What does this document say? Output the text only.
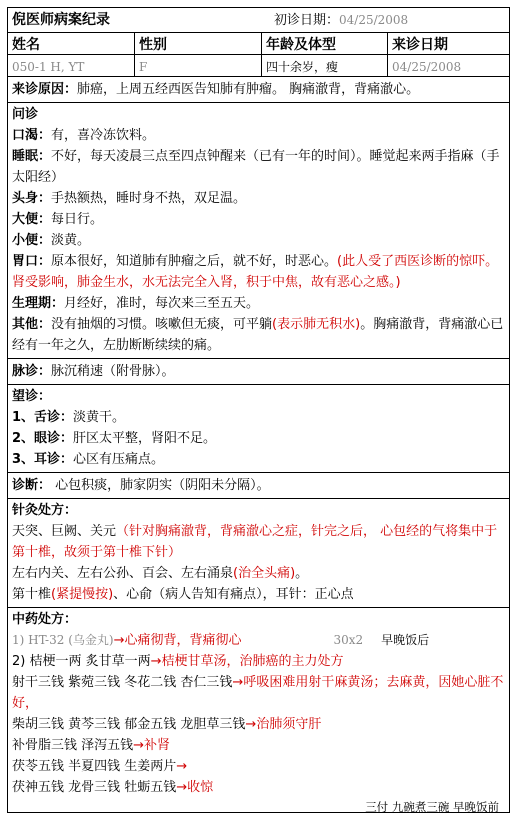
倪医师病案纪录	初诊日期：04/25/2008
姓名	性别	年龄及体型	来诊日期
050-1 H, YT	F	四十余岁，瘦	04/25/2008

来诊原因：肺癌，上周五经西医告知肺有肿瘤。 胸痛澈背，背痛澈心。

问诊

口渴：有，喜冷冻饮料。

睡眠：不好，每天凌晨三点至四点钟醒来（已有一年的时间）。睡觉起来两手指麻（手太阳经）

头身：手热额热，睡时身不热，双足温。

大便：每日行。

小便：淡黄。

胃口：原本很好，知道肺有肿瘤之后，就不好，时恶心。(此人受了西医诊断的惊吓。肾受影响，肺金生水，水无法完全入肾，积于中焦，故有恶心之感。)

生理期：月经好，准时，每次来三至五天。

其他：没有抽烟的习惯。咳嗽但无痰，可平躺(表示肺无积水)。胸痛澈背，背痛澈心已经有一年之久，左肋断断续续的痛。

脉诊：脉沉稍速（附骨脉）。

望诊：

1、舌诊：淡黄干。

2、眼诊：肝区太平整，肾阳不足。

3、耳诊：心区有压痛点。

诊断： 心包积痰，肺家阴实（阴阳未分隔）。

针灸处方：

天突、巨阙、关元（针对胸痛澈背，背痛澈心之症，针完之后， 心包经的气将集中于第十椎，故须于第十椎下针）

左右内关、左右公孙、百会、左右涌泉(治全头痛)。

第十椎(紧提慢按)、心俞（病人告知有痛点），耳针：正心点

中药处方：

1) HT-32 (乌金丸)→心痛彻背，背痛彻心	30x2 早晚饭后

2) 桔梗一两 炙甘草一两→桔梗甘草汤，治肺癌的主力处方

射干三钱 紫菀三钱 冬花二钱 杏仁三钱→呼吸困难用射干麻黄汤；去麻黄，因她心脏不好，

柴胡三钱 黄芩三钱 郁金五钱 龙胆草三钱→治肺须守肝

补骨脂三钱 泽泻五钱→补肾

茯苓五钱 半夏四钱 生姜两片→

茯神五钱 龙骨三钱 牡蛎五钱→收惊

三付 九碗煮三碗 早晚饭前
